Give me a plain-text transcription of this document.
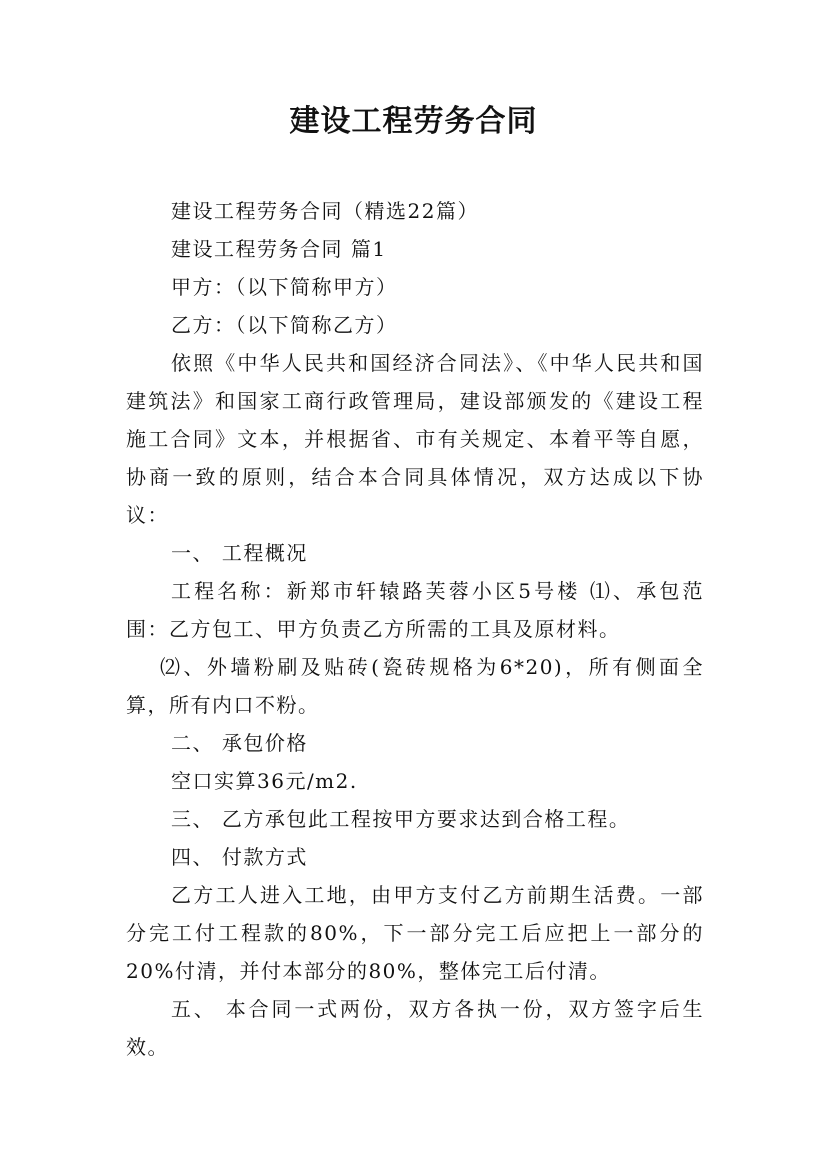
建设工程劳务合同

建设工程劳务合同（精选22篇）

建设工程劳务合同 篇1

甲方：（以下简称甲方）

乙方：（以下简称乙方）

依照《中华人民共和国经济合同法》、《中华人民共和国建筑法》和国家工商行政管理局，建设部颁发的《建设工程施工合同》文本，并根据省、市有关规定、本着平等自愿，协商一致的原则，结合本合同具体情况，双方达成以下协议：

一、 工程概况

工程名称：新郑市轩辕路芙蓉小区5号楼 ⑴、承包范围：乙方包工、甲方负责乙方所需的工具及原材料。

⑵、外墙粉刷及贴砖(瓷砖规格为6*20)，所有侧面全算，所有内口不粉。

二、 承包价格

空口实算36元/m2.

三、 乙方承包此工程按甲方要求达到合格工程。

四、 付款方式

乙方工人进入工地，由甲方支付乙方前期生活费。一部分完工付工程款的80%，下一部分完工后应把上一部分的20%付清，并付本部分的80%，整体完工后付清。

五、 本合同一式两份，双方各执一份，双方签字后生效。
